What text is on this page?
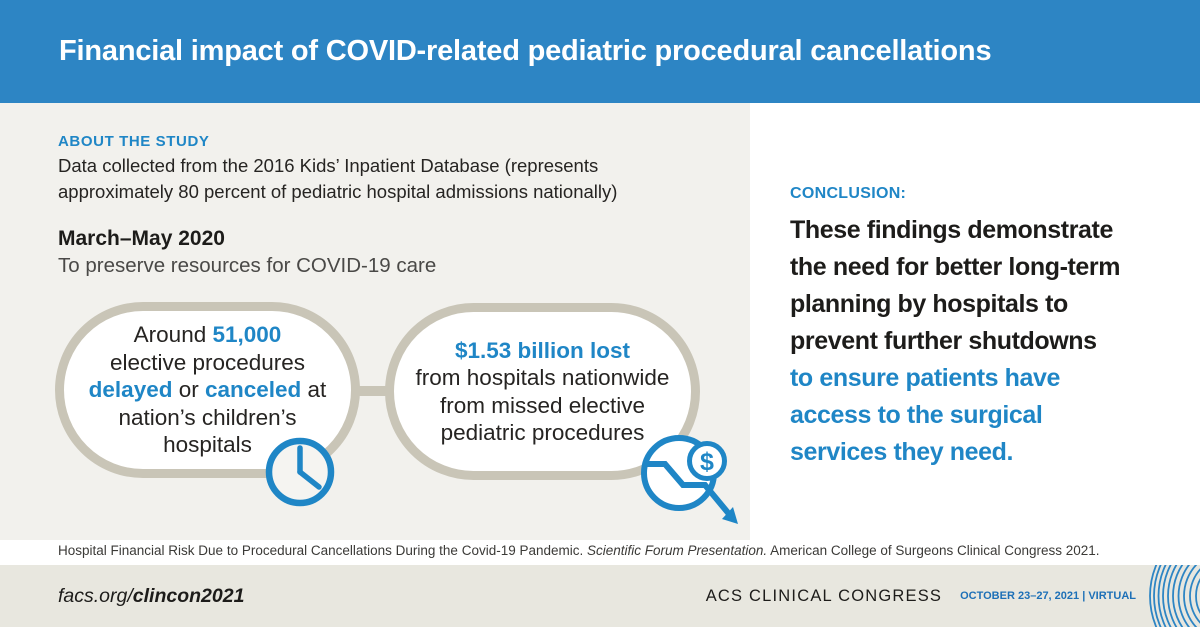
Financial impact of COVID-related pediatric procedural cancellations
ABOUT THE STUDY

Data collected from the 2016 Kids’ Inpatient Database (represents approximately 80 percent of pediatric hospital admissions nationally)

March–May 2020
To preserve resources for COVID-19 care
Around 51,000
elective procedures
delayed or canceled at
nation’s children’s
hospitals
$1.53 billion lost
from hospitals nationwide
from missed elective
pediatric procedures
$
CONCLUSION:
These findings demonstrate
the need for better long-term
planning by hospitals to
prevent further shutdowns
to ensure patients have
access to the surgical
services they need.
Hospital Financial Risk Due to Procedural Cancellations During the Covid-19 Pandemic. Scientific Forum Presentation. American College of Surgeons Clinical Congress 2021.
facs.org/ clincon2021	ACS CLINICAL CONGRESS OCTOBER 23–27, 2021 | VIRTUAL
